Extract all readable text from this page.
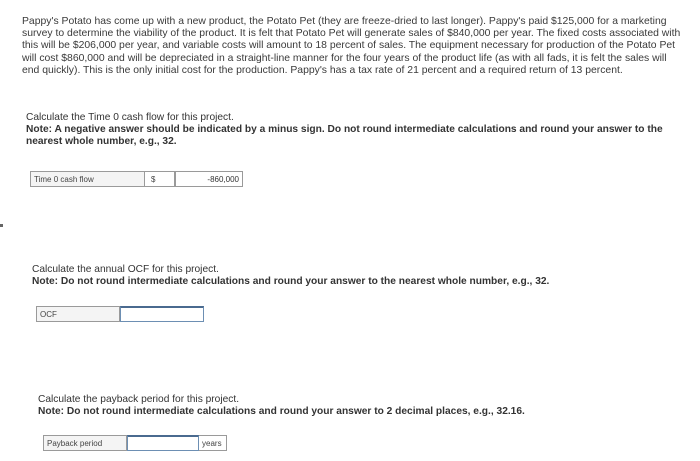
Pappy's Potato has come up with a new product, the Potato Pet (they are freeze-dried to last longer). Pappy's paid $125,000 for a marketing survey to determine the viability of the product. It is felt that Potato Pet will generate sales of $840,000 per year. The fixed costs associated with this will be $206,000 per year, and variable costs will amount to 18 percent of sales. The equipment necessary for production of the Potato Pet will cost $860,000 and will be depreciated in a straight-line manner for the four years of the product life (as with all fads, it is felt the sales will end quickly). This is the only initial cost for the production. Pappy's has a tax rate of 21 percent and a required return of 13 percent.
Calculate the Time 0 cash flow for this project.
Note: A negative answer should be indicated by a minus sign. Do not round intermediate calculations and round your answer to the nearest whole number, e.g., 32.
Time 0 cash flow	$
-860,000
Calculate the annual OCF for this project.
Note: Do not round intermediate calculations and round your answer to the nearest whole number, e.g., 32.
OCF
Calculate the payback period for this project.
Note: Do not round intermediate calculations and round your answer to 2 decimal places, e.g., 32.16.
Payback period	years
